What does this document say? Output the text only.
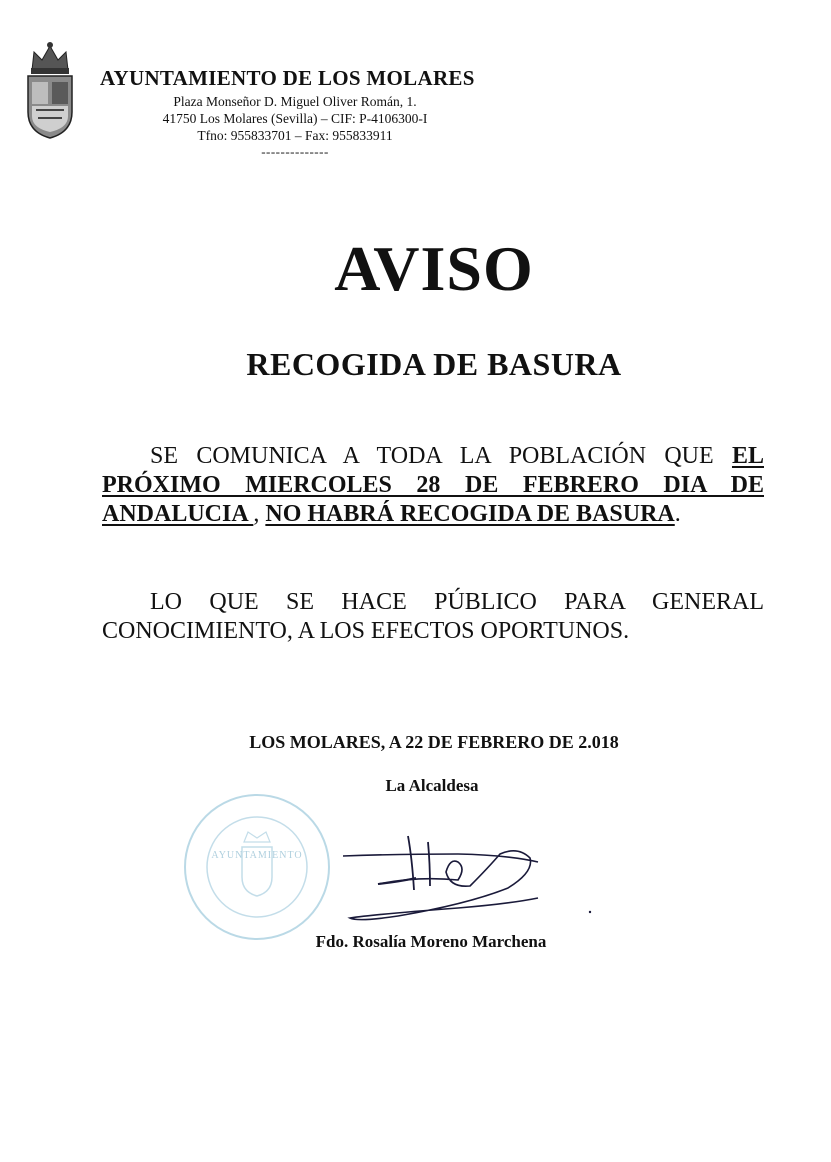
AYUNTAMIENTO DE LOS MOLARES
Plaza Monseñor D. Miguel Oliver Román, 1.
41750 Los Molares (Sevilla) – CIF: P-4106300-I
Tfno: 955833701 – Fax: 955833911
--------------
AVISO
RECOGIDA DE BASURA
SE COMUNICA A TODA LA POBLACIÓN QUE EL PRÓXIMO MIERCOLES 28 DE FEBRERO DIA DE ANDALUCIA , NO HABRÁ RECOGIDA DE BASURA.
LO QUE SE HACE PÚBLICO PARA GENERAL CONOCIMIENTO, A LOS EFECTOS OPORTUNOS.
LOS MOLARES, A 22 DE FEBRERO DE 2.018
La Alcaldesa
AYUNTAMIENTO
Fdo. Rosalía Moreno Marchena
